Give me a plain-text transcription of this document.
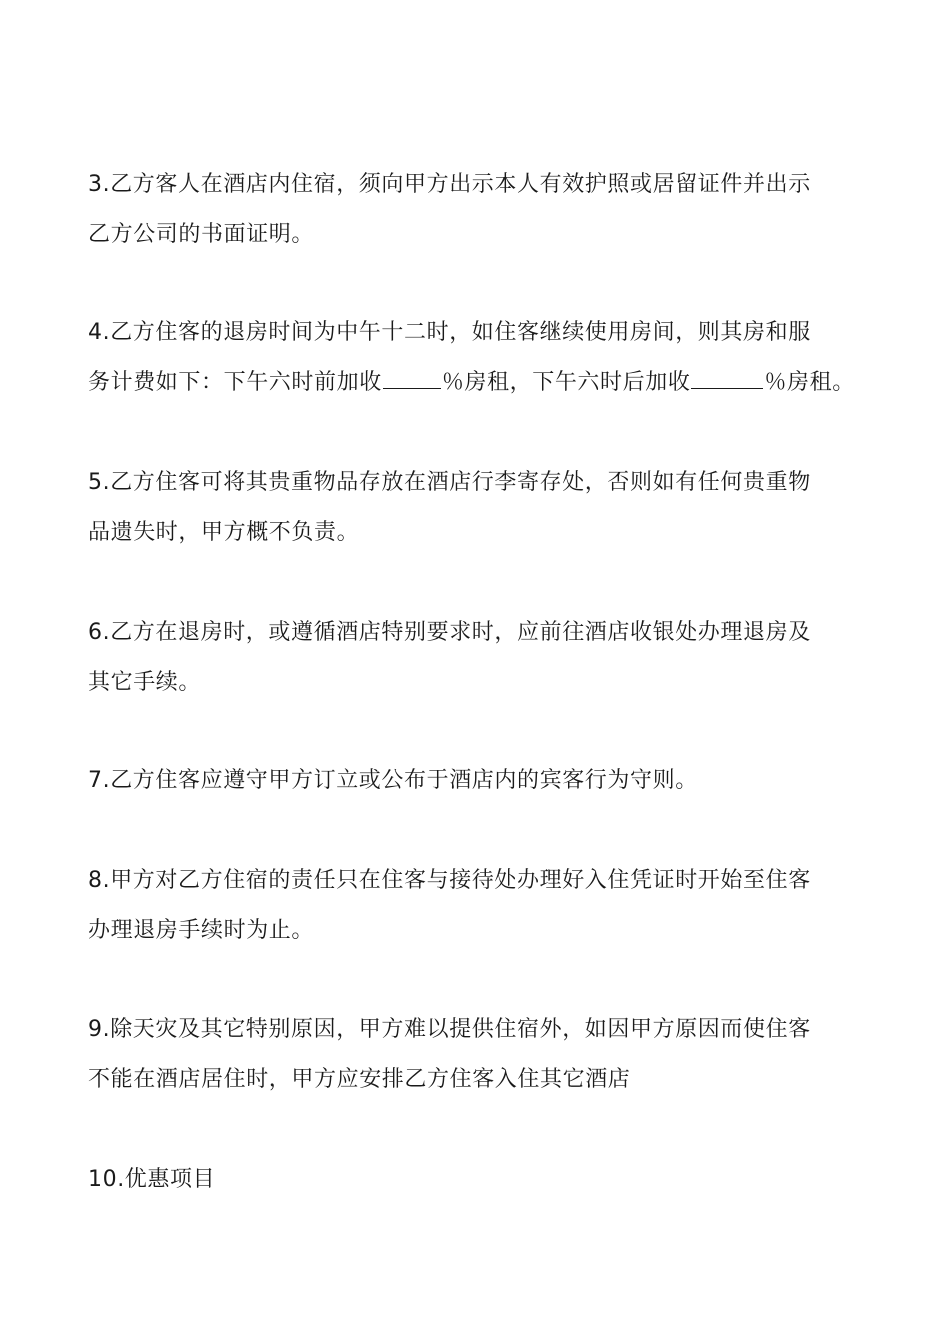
3.乙方客人在酒店内住宿，须向甲方出示本人有效护照或居留证件并出示
乙方公司的书面证明。
4.乙方住客的退房时间为中午十二时，如住客继续使用房间，则其房和服
务计费如下：下午六时前加收	％房租，下午六时后加收	％房租。
5.乙方住客可将其贵重物品存放在酒店行李寄存处，否则如有任何贵重物
品遗失时，甲方概不负责。
6.乙方在退房时，或遵循酒店特别要求时，应前往酒店收银处办理退房及
其它手续。
7.乙方住客应遵守甲方订立或公布于酒店内的宾客行为守则。
8.甲方对乙方住宿的责任只在住客与接待处办理好入住凭证时开始至住客
办理退房手续时为止。
9.除天灾及其它特别原因，甲方难以提供住宿外，如因甲方原因而使住客
不能在酒店居住时，甲方应安排乙方住客入住其它酒店
10.优惠项目
